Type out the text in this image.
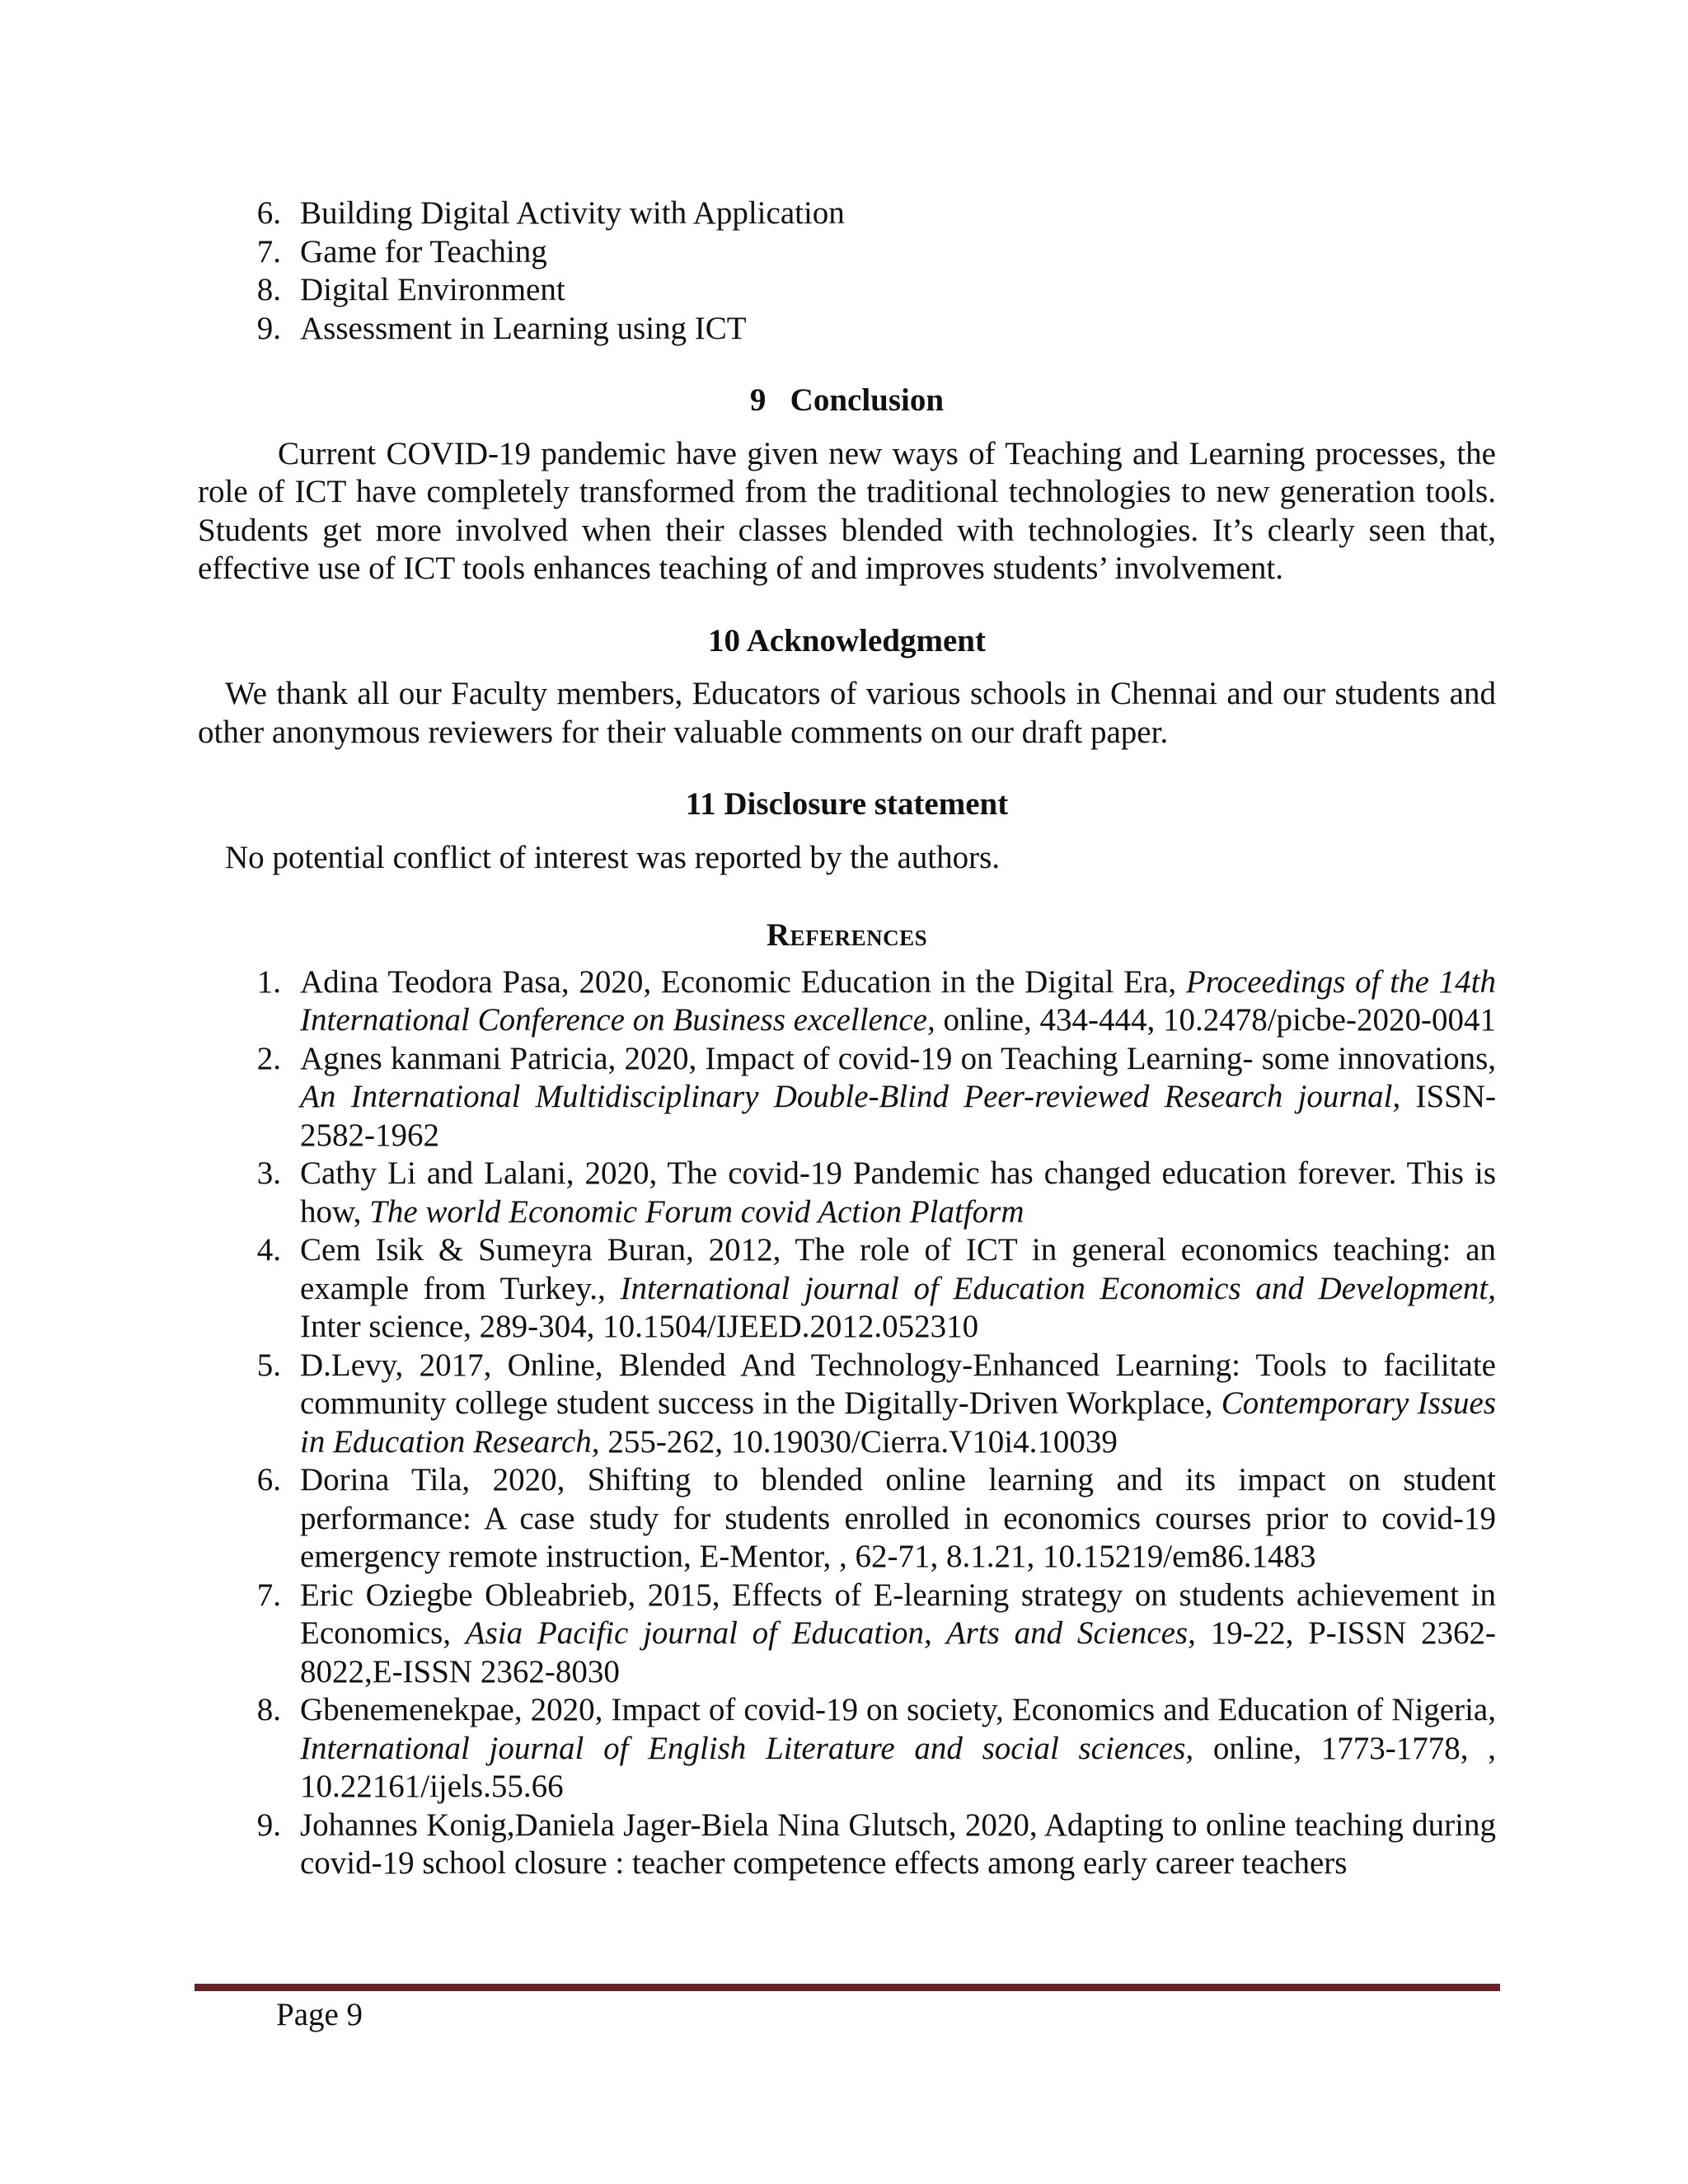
6. Building Digital Activity with Application
7. Game for Teaching
8. Digital Environment
9. Assessment in Learning using ICT
9   Conclusion
Current COVID-19 pandemic have given new ways of Teaching and Learning processes, the role of ICT have completely transformed from the traditional technologies to new generation tools. Students get more involved when their classes blended with technologies. It’s clearly seen that, effective use of ICT tools enhances teaching of and improves students’ involvement.
10 Acknowledgment
We thank all our Faculty members, Educators of various schools in Chennai and our students and other anonymous reviewers for their valuable comments on our draft paper.
11 Disclosure statement
No potential conflict of interest was reported by the authors.
References
1. Adina Teodora Pasa, 2020, Economic Education in the Digital Era, Proceedings of the 14th International Conference on Business excellence, online, 434-444, 10.2478/picbe-2020-0041
2. Agnes kanmani Patricia, 2020, Impact of covid-19 on Teaching Learning- some innovations, An International Multidisciplinary Double-Blind Peer-reviewed Research journal, ISSN-2582-1962
3. Cathy Li and Lalani, 2020, The covid-19 Pandemic has changed education forever. This is how, The world Economic Forum covid Action Platform
4. Cem Isik & Sumeyra Buran, 2012, The role of ICT in general economics teaching: an example from Turkey., International journal of Education Economics and Development, Inter science, 289-304, 10.1504/IJEED.2012.052310
5. D.Levy, 2017, Online, Blended And Technology-Enhanced Learning: Tools to facilitate community college student success in the Digitally-Driven Workplace, Contemporary Issues in Education Research, 255-262, 10.19030/Cierra.V10i4.10039
6. Dorina Tila, 2020, Shifting to blended online learning and its impact on student performance: A case study for students enrolled in economics courses prior to covid-19 emergency remote instruction, E-Mentor, , 62-71, 8.1.21, 10.15219/em86.1483
7. Eric Oziegbe Obleabrieb, 2015, Effects of E-learning strategy on students achievement in Economics, Asia Pacific journal of Education, Arts and Sciences, 19-22, P-ISSN 2362-8022,E-ISSN 2362-8030
8. Gbenemenekpae, 2020, Impact of covid-19 on society, Economics and Education of Nigeria, International journal of English Literature and social sciences, online, 1773-1778, , 10.22161/ijels.55.66
9. Johannes Konig,Daniela Jager-Biela Nina Glutsch, 2020, Adapting to online teaching during covid-19 school closure : teacher competence effects among early career teachers
Page 9
